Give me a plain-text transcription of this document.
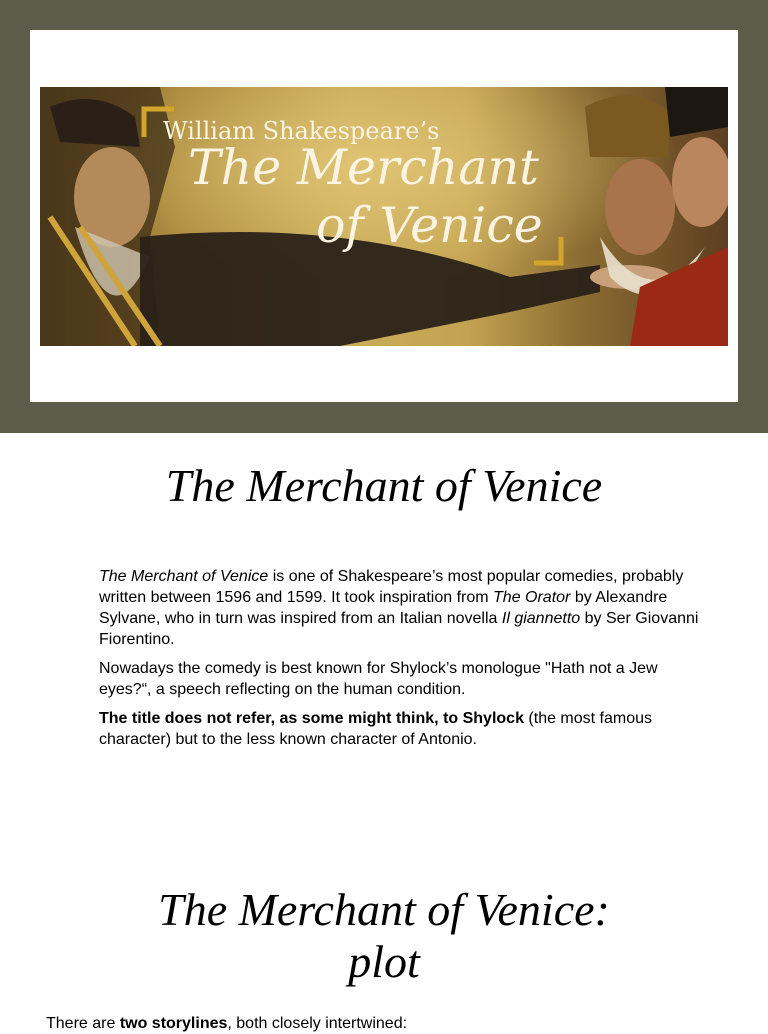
William Shakespeare’s
The Merchant
of Venice
The Merchant of Venice

The Merchant of Venice is one of Shakespeare’s most popular comedies, probably written between 1596 and 1599. It took inspiration from The Orator by Alexandre Sylvane, who in turn was inspired from an Italian novella Il giannetto by Ser Giovanni Fiorentino.

Nowadays the comedy is best known for Shylock’s monologue "Hath not a Jew eyes?“, a speech reflecting on the human condition.

The title does not refer, as some might think, to Shylock (the most famous character) but to the less known character of Antonio.

The Merchant of Venice:
plot
There are two storylines, both closely intertwined:
